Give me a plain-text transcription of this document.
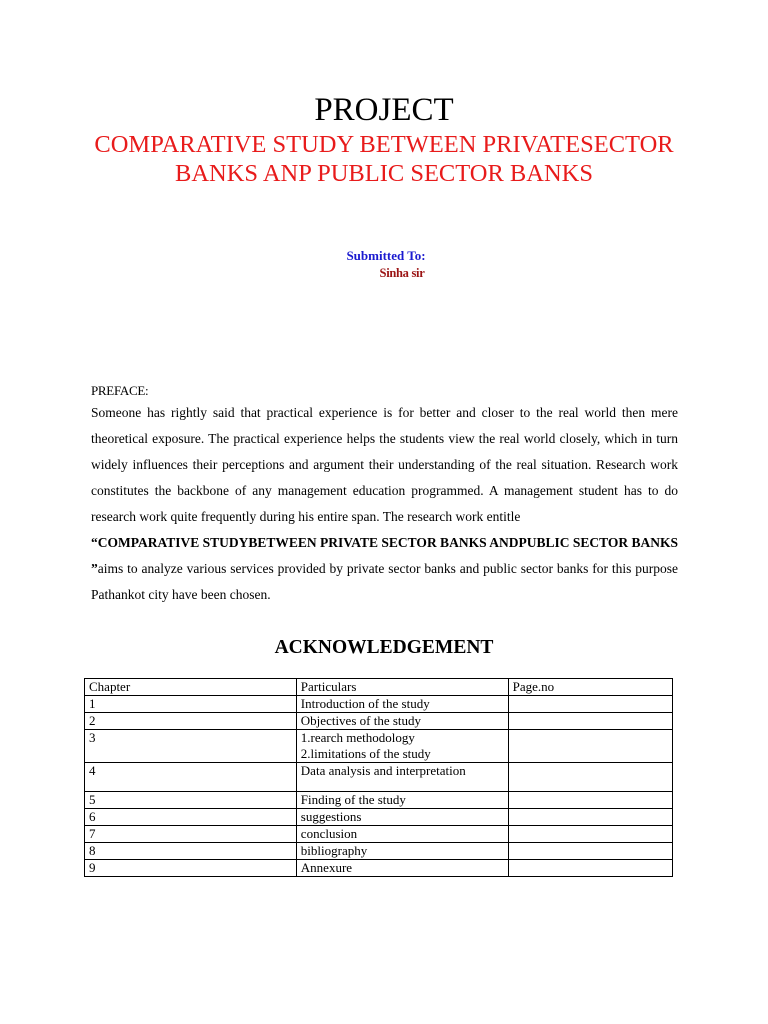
PROJECT
COMPARATIVE STUDY BETWEEN PRIVATESECTOR
BANKS ANP PUBLIC SECTOR BANKS
Submitted To:
Sinha sir
PREFACE:

Someone has rightly said that practical experience is for better and closer to the real world then mere theoretical exposure. The practical experience helps the students view the real world closely, which in turn widely influences their perceptions and argument their understanding of the real situation. Research work constitutes the backbone of any management education programmed. A management student has to do research work quite frequently during his entire span. The research work entitle
“COMPARATIVE STUDYBETWEEN PRIVATE SECTOR BANKS ANDPUBLIC SECTOR BANKS ”aims to analyze various services provided by private sector banks and public sector banks for this purpose Pathankot city have been chosen.

ACKNOWLEDGEMENT
Chapter	Particulars	Page.no
1	Introduction of the study	
2	Objectives of the study	
3	1.rearch methodology
2.limitations of the study	

4	Data analysis and interpretation	
5	Finding of the study	
6	suggestions	
7	conclusion	
8	bibliography	
9	Annexure	
